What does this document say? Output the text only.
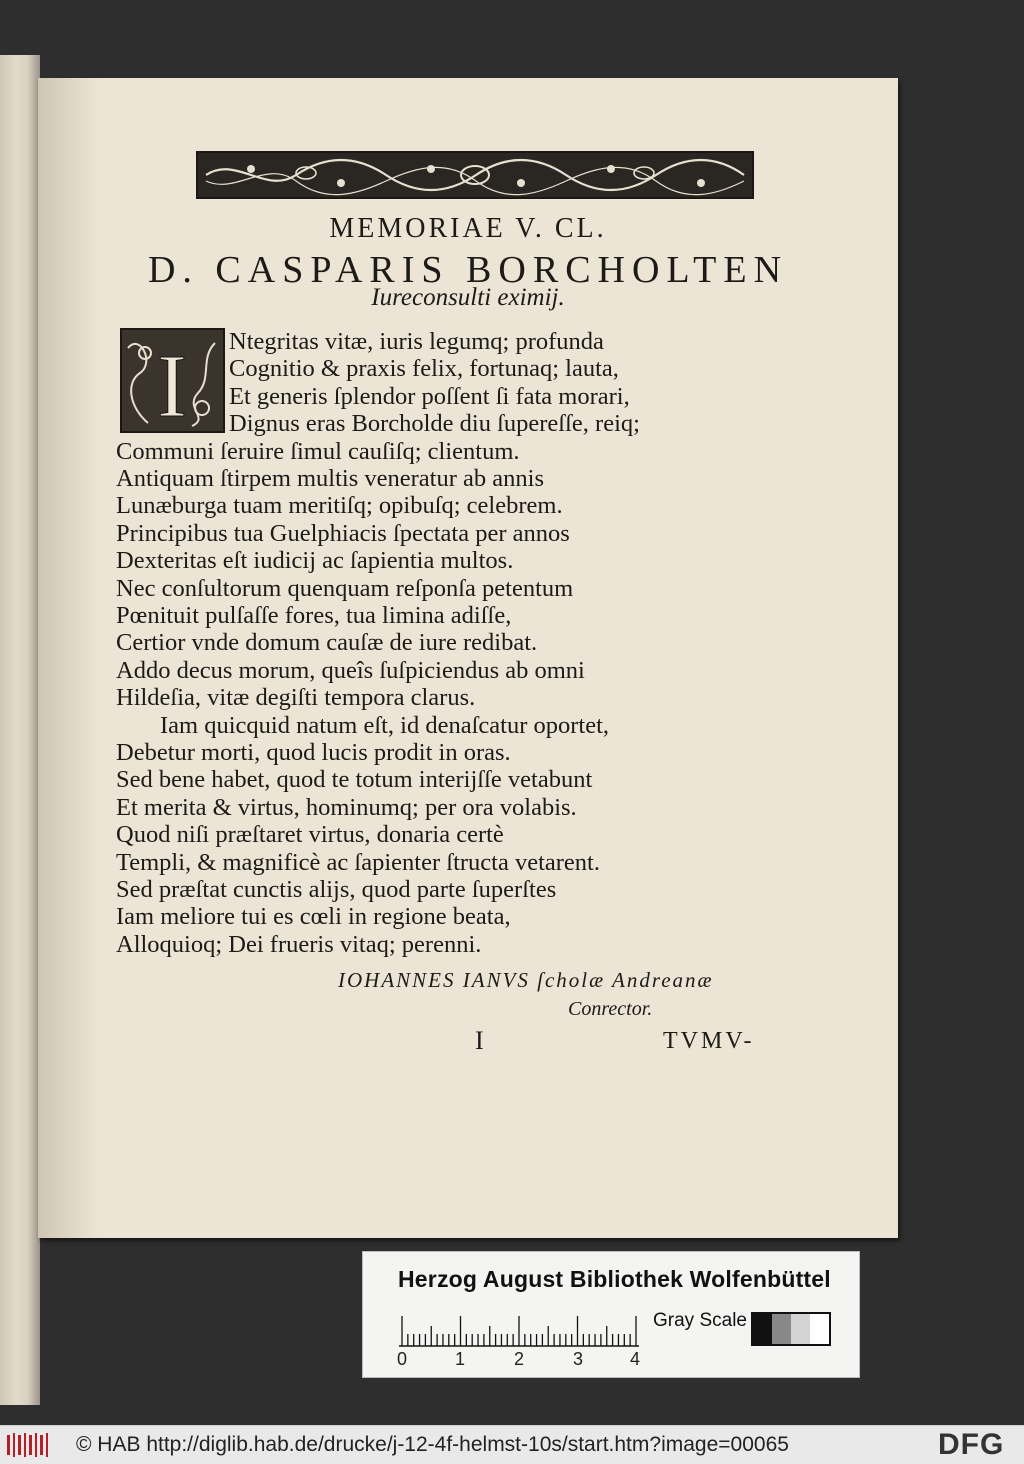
MEMORIAE V. CL.
D. CASPARIS BORCHOLTEN
Iureconsulti eximij.
I Ntegritas vitæ, iuris legumq; profunda
Cognitio & praxis felix, fortunaq; lauta,
Et generis ſplendor poſſent ſi fata morari,
Dignus eras Borcholde diu ſupereſſe, reiq;
Communi ſeruire ſimul cauſiſq; clientum.
Antiquam ſtirpem multis veneratur ab annis
Lunæburga tuam meritiſq; opibuſq; celebrem.
Principibus tua Guelphiacis ſpectata per annos
Dexteritas eſt iudicij ac ſapientia multos.
Nec conſultorum quenquam reſponſa petentum
Pœnituit pulſaſſe fores, tua limina adiſſe,
Certior vnde domum cauſæ de iure redibat.
Addo decus morum, queîs ſuſpiciendus ab omni
Hildeſia, vitæ degiſti tempora clarus.
Iam quicquid natum eſt, id denaſcatur oportet,
Debetur morti, quod lucis prodit in oras.
Sed bene habet, quod te totum interijſſe vetabunt
Et merita & virtus, hominumq; per ora volabis.
Quod niſi præſtaret virtus, donaria certè
Templi, & magnificè ac ſapienter ſtructa vetarent.
Sed præſtat cunctis alijs, quod parte ſuperſtes
Iam meliore tui es cœli in regione beata,
Alloquioq; Dei frueris vitaq; perenni.
IOHANNES IANVS ſcholæ Andreanæ
Conrector.
I	TVMV-
Herzog August Bibliothek Wolfenbüttel
0	1	2	3	4
Gray Scale
© HAB http://diglib.hab.de/drucke/j-12-4f-helmst-10s/start.htm?image=00065	DFG
